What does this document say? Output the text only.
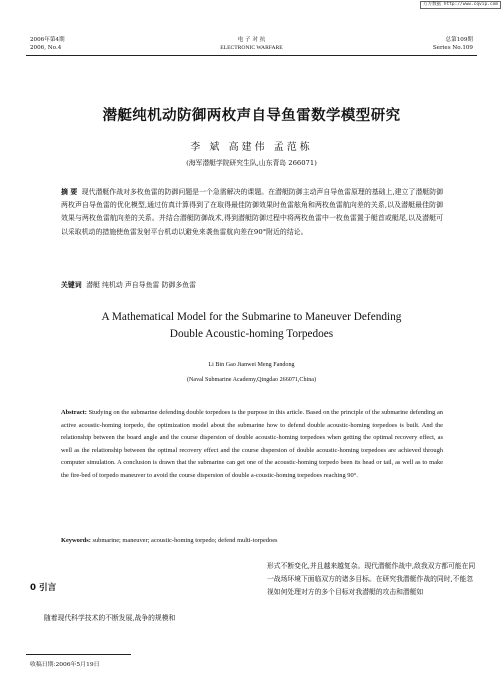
万方数据 http://www.cqvip.com
2006年第4期
2006, No.4
电 子 对 抗
ELECTRONIC WARFARE
总第109期
Series No.109
潜艇纯机动防御两枚声自导鱼雷数学模型研究
李 斌 高建伟 孟范栋
(海军潜艇学院研究生队,山东青岛 266071)
摘 要 现代潜艇作战对多枚鱼雷的防御问题是一个急需解决的课题。在潜艇防御主动声自导鱼雷原理的基础上,建立了潜艇防御两枚声自导鱼雷的优化模型,通过仿真计算得到了在取得最佳防御效果时鱼雷舷角和两枚鱼雷航向差的关系,以及潜艇最佳防御效果与两枚鱼雷航向差的关系。并结合潜艇防御战术,得到潜艇防御过程中将两枚鱼雷中一枚鱼雷置于艇首或艇尾,以及潜艇可以采取机动的措施使鱼雷发射平台机动以避免来袭鱼雷航向差在90°附近的结论。
关键词 潜艇 纯机动 声自导鱼雷 防御多鱼雷
A Mathematical Model for the Submarine to Maneuver Defending
Double Acoustic-homing Torpedoes
Li Bin Gao Jianwei Meng Fandong
(Naval Submarine Academy,Qingdao 266071,China)
Abstract: Studying on the submarine defending double torpedoes is the purpose in this article. Based on the principle of the submarine defending an active acoustic-homing torpedo, the optimization model about the submarine how to defend double acoustic-homing torpedoes is built. And the relationship between the board angle and the course dispersion of double acoustic-homing torpedoes when getting the optimal recovery effect, as well as the relationship between the optimal recovery effect and the course dispersion of double acoustic-homing torpedoes are achieved through computer simulation. A conclusion is drawn that the submarine can get one of the acoustic-homing torpedo been its head or tail, as well as to make the fire-bed of torpedo maneuver to avoid the course dispersion of double a-coustic-homing torpedoes reaching 90°.
Keywords: submarine; maneuver; acoustic-homing torpedo; defend multi-torpedoes
0 引言
随着现代科学技术的不断发展,战争的规模和
形式不断变化,并且越来越复杂。现代潜艇作战中,敌我双方都可能在同一战场环境下面临双方的诸多目标。在研究我潜艇作战的同时,不能忽视如何处理对方的多个目标对我潜艇的攻击和潜艇如
收稿日期:2006年5月19日
